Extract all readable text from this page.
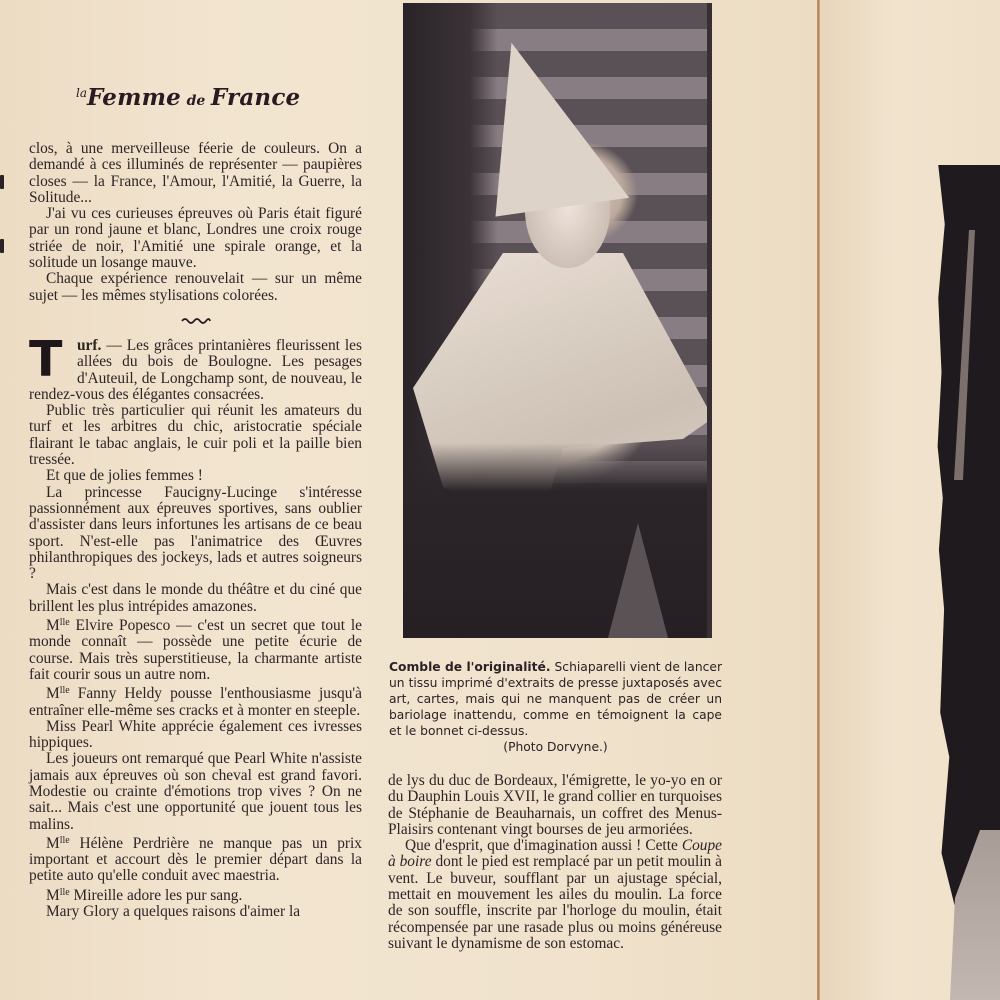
$^{la}$Femme de France

clos, à une merveilleuse féerie de couleurs. On a demandé à ces illuminés de représenter — paupières closes — la France, l'Amour, l'Amitié, la Guerre, la Solitude...

J'ai vu ces curieuses épreuves où Paris était figuré par un rond jaune et blanc, Londres une croix rouge striée de noir, l'Amitié une spirale orange, et la solitude un losange mauve.

Chaque expérience renouvelait — sur un même sujet — les mêmes stylisations colorées.

T urf. — Les grâces printanières fleurissent les allées du bois de Boulogne. Les pesages d'Auteuil, de Longchamp sont, de nouveau, le rendez-vous des élégantes consacrées.

Public très particulier qui réunit les amateurs du turf et les arbitres du chic, aristocratie spéciale flairant le tabac anglais, le cuir poli et la paille bien tressée.

Et que de jolies femmes !

La princesse Faucigny-Lucinge s'intéresse passionnément aux épreuves sportives, sans oublier d'assister dans leurs infortunes les artisans de ce beau sport. N'est-elle pas l'animatrice des Œuvres philanthropiques des jockeys, lads et autres soigneurs ?

Mais c'est dans le monde du théâtre et du ciné que brillent les plus intrépides amazones.

$M^{lle}$ Elvire Popesco — c'est un secret que tout le monde connaît — possède une petite écurie de course. Mais très superstitieuse, la charmante artiste fait courir sous un autre nom.

$M^{lle}$ Fanny Heldy pousse l'enthousiasme jusqu'à entraîner elle-même ses cracks et à monter en steeple.

Miss Pearl White apprécie également ces ivresses hippiques.

Les joueurs ont remarqué que Pearl White n'assiste jamais aux épreuves où son cheval est grand favori. Modestie ou crainte d'émotions trop vives ? On ne sait... Mais c'est une opportunité que jouent tous les malins.

$M^{lle}$ Hélène Perdrière ne manque pas un prix important et accourt dès le premier départ dans la petite auto qu'elle conduit avec maestria.

$M^{lle}$ Mireille adore les pur sang.

Mary Glory a quelques raisons d'aimer la

Comble de l'originalité. Schiaparelli vient de lancer un tissu imprimé d'extraits de presse juxtaposés avec art, cartes, mais qui ne manquent pas de créer un bariolage inattendu, comme en témoignent la cape et le bonnet ci-dessus.
(Photo Dorvyne.)

de lys du duc de Bordeaux, l'émigrette, le yo-yo en or du Dauphin Louis XVII, le grand collier en turquoises de Stéphanie de Beauharnais, un coffret des Menus-Plaisirs contenant vingt bourses de jeu armoriées.

Que d'esprit, que d'imagination aussi ! Cette Coupe à boire dont le pied est remplacé par un petit moulin à vent. Le buveur, soufflant par un ajustage spécial, mettait en mouvement les ailes du moulin. La force de son souffle, inscrite par l'horloge du moulin, était récompensée par une rasade plus ou moins généreuse suivant le dynamisme de son estomac.
